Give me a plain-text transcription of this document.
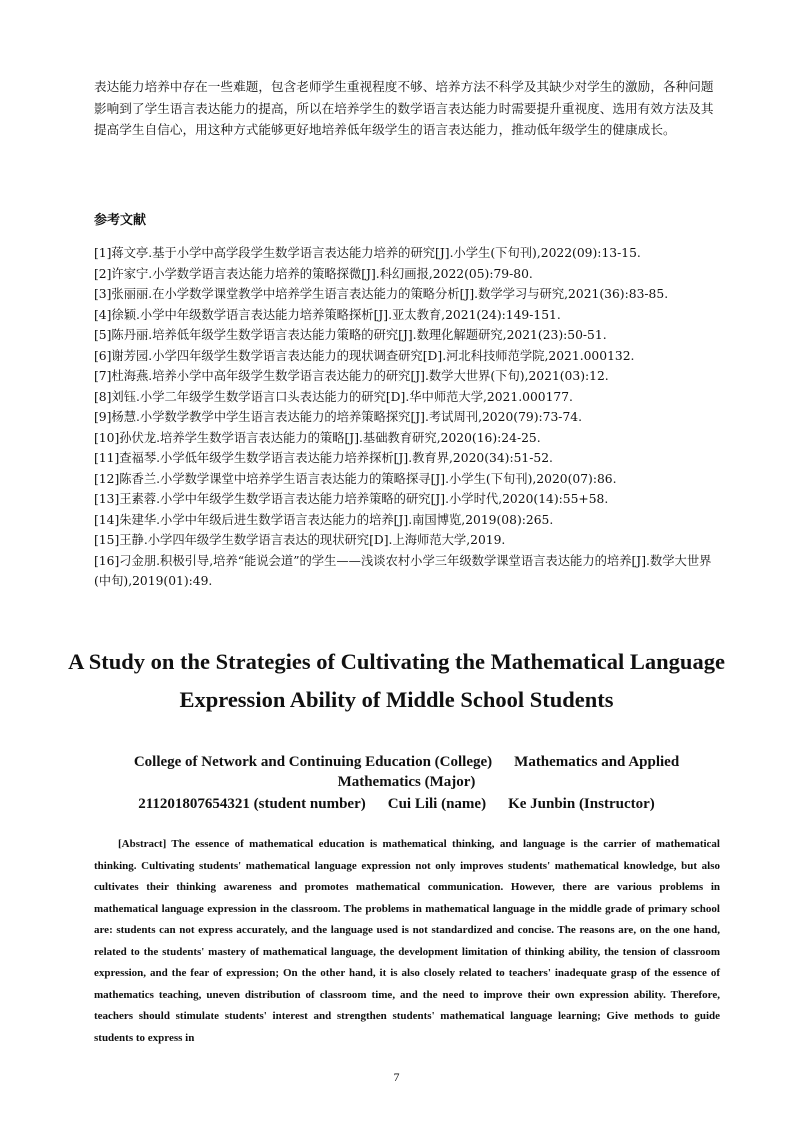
表达能力培养中存在一些难题，包含老师学生重视程度不够、培养方法不科学及其缺少对学生的激励，各种问题影响到了学生语言表达能力的提高，所以在培养学生的数学语言表达能力时需要提升重视度、选用有效方法及其提高学生自信心，用这种方式能够更好地培养低年级学生的语言表达能力，推动低年级学生的健康成长。

参考文献
[1]蒋文亭.基于小学中高学段学生数学语言表达能力培养的研究[J].小学生(下旬刊),2022(09):13-15.
[2]许家宁.小学数学语言表达能力培养的策略探微[J].科幻画报,2022(05):79-80.
[3]张丽丽.在小学数学课堂教学中培养学生语言表达能力的策略分析[J].数学学习与研究,2021(36):83-85.
[4]徐颖.小学中年级数学语言表达能力培养策略探析[J].亚太教育,2021(24):149-151.
[5]陈丹丽.培养低年级学生数学语言表达能力策略的研究[J].数理化解题研究,2021(23):50-51.
[6]谢芳园.小学四年级学生数学语言表达能力的现状调查研究[D].河北科技师范学院,2021.000132.
[7]杜海燕.培养小学中高年级学生数学语言表达能力的研究[J].数学大世界(下旬),2021(03):12.
[8]刘钰.小学二年级学生数学语言口头表达能力的研究[D].华中师范大学,2021.000177.
[9]杨慧.小学数学教学中学生语言表达能力的培养策略探究[J].考试周刊,2020(79):73-74.
[10]孙伏龙.培养学生数学语言表达能力的策略[J].基础教育研究,2020(16):24-25.
[11]查福琴.小学低年级学生数学语言表达能力培养探析[J].教育界,2020(34):51-52.
[12]陈香兰.小学数学课堂中培养学生语言表达能力的策略探寻[J].小学生(下旬刊),2020(07):86.
[13]王素蓉.小学中年级学生数学语言表达能力培养策略的研究[J].小学时代,2020(14):55+58.
[14]朱建华.小学中年级后进生数学语言表达能力的培养[J].南国博览,2019(08):265.
[15]王静.小学四年级学生数学语言表达的现状研究[D].上海师范大学,2019.
[16]刁金朋.积极引导,培养“能说会道”的学生——浅谈农村小学三年级数学课堂语言表达能力的培养[J].数学大世界(中旬),2019(01):49.
A Study on the Strategies of Cultivating the Mathematical Language Expression Ability of Middle School Students

College of Network and Continuing Education (College) Mathematics and Applied Mathematics (Major)

211201807654321 (student number) Cui Lili (name) Ke Junbin (Instructor)

[Abstract] The essence of mathematical education is mathematical thinking, and language is the carrier of mathematical thinking. Cultivating students' mathematical language expression not only improves students' mathematical knowledge, but also cultivates their thinking awareness and promotes mathematical communication. However, there are various problems in mathematical language expression in the classroom. The problems in mathematical language in the middle grade of primary school are: students can not express accurately, and the language used is not standardized and concise. The reasons are, on the one hand, related to the students' mastery of mathematical language, the development limitation of thinking ability, the tension of classroom expression, and the fear of expression; On the other hand, it is also closely related to teachers' inadequate grasp of the essence of mathematics teaching, uneven distribution of classroom time, and the need to improve their own expression ability. Therefore, teachers should stimulate students' interest and strengthen students' mathematical language learning; Give methods to guide students to express in

7
